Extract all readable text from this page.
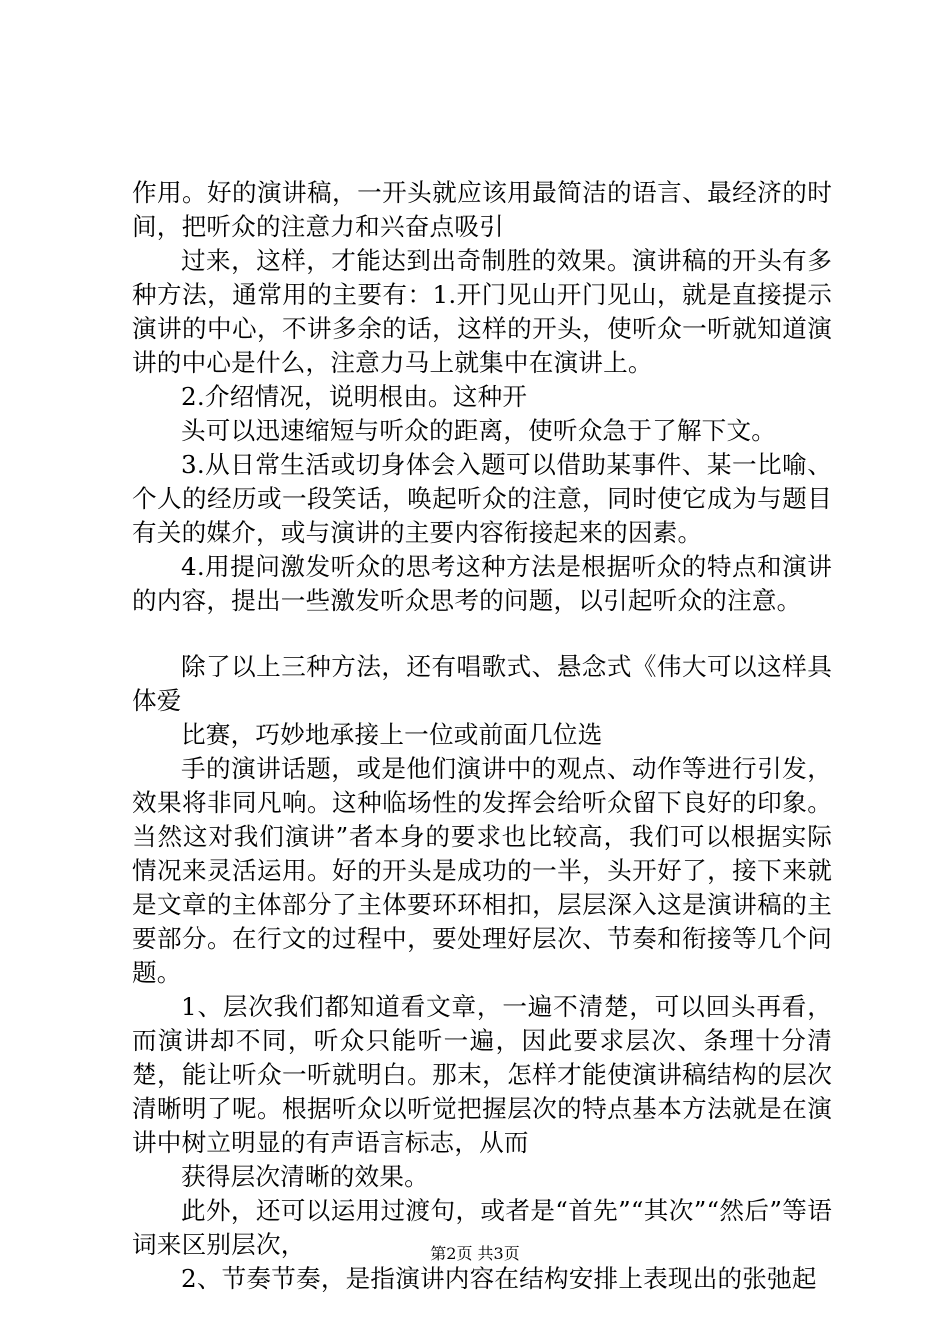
作用。好的演讲稿，一开头就应该用最简洁的语言、最经济的时间，把听众的注意力和兴奋点吸引

过来，这样，才能达到出奇制胜的效果。演讲稿的开头有多种方法，通常用的主要有：1.开门见山开门见山，就是直接提示演讲的中心，不讲多余的话，这样的开头，使听众一听就知道演讲的中心是什么，注意力马上就集中在演讲上。

2.介绍情况，说明根由。这种开

头可以迅速缩短与听众的距离，使听众急于了解下文。

3.从日常生活或切身体会入题可以借助某事件、某一比喻、个人的经历或一段笑话，唤起听众的注意，同时使它成为与题目有关的媒介，或与演讲的主要内容衔接起来的因素。

4.用提问激发听众的思考这种方法是根据听众的特点和演讲的内容，提出一些激发听众思考的问题，以引起听众的注意。

除了以上三种方法，还有唱歌式、悬念式《伟大可以这样具体爱

比赛，巧妙地承接上一位或前面几位选

手的演讲话题，或是他们演讲中的观点、动作等进行引发，效果将非同凡响。这种临场性的发挥会给听众留下良好的印象。当然这对我们演讲”者本身的要求也比较高，我们可以根据实际情况来灵活运用。好的开头是成功的一半，头开好了，接下来就是文章的主体部分了主体要环环相扣，层层深入这是演讲稿的主要部分。在行文的过程中，要处理好层次、节奏和衔接等几个问题。

1、层次我们都知道看文章，一遍不清楚，可以回头再看，而演讲却不同，听众只能听一遍，因此要求层次、条理十分清楚，能让听众一听就明白。那末，怎样才能使演讲稿结构的层次清晰明了呢。根据听众以听觉把握层次的特点基本方法就是在演讲中树立明显的有声语言标志，从而

获得层次清晰的效果。

此外，还可以运用过渡句，或者是“首先”“其次”“然后”等语词来区别层次，

2、节奏节奏，是指演讲内容在结构安排上表现出的张弛起

第2页 共3页
